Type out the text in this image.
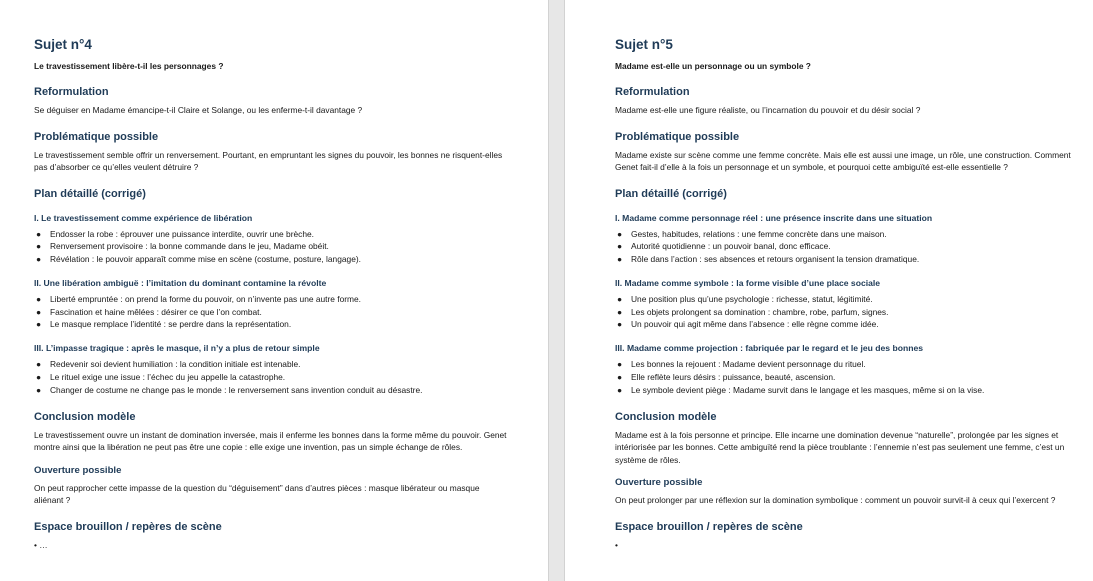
Sujet n°4
Le travestissement libère-t-il les personnages ?
Reformulation
Se déguiser en Madame émancipe-t-il Claire et Solange, ou les enferme-t-il davantage ?
Problématique possible
Le travestissement semble offrir un renversement. Pourtant, en empruntant les signes du pouvoir, les bonnes ne risquent-elles pas d’absorber ce qu’elles veulent détruire ?
Plan détaillé (corrigé)
I. Le travestissement comme expérience de libération
● Endosser la robe : éprouver une puissance interdite, ouvrir une brèche.
● Renversement provisoire : la bonne commande dans le jeu, Madame obéit.
● Révélation : le pouvoir apparaît comme mise en scène (costume, posture, langage).
II. Une libération ambiguë : l’imitation du dominant contamine la révolte
● Liberté empruntée : on prend la forme du pouvoir, on n’invente pas une autre forme.
● Fascination et haine mêlées : désirer ce que l’on combat.
● Le masque remplace l’identité : se perdre dans la représentation.
III. L’impasse tragique : après le masque, il n’y a plus de retour simple
● Redevenir soi devient humiliation : la condition initiale est intenable.
● Le rituel exige une issue : l’échec du jeu appelle la catastrophe.
● Changer de costume ne change pas le monde : le renversement sans invention conduit au désastre.
Conclusion modèle
Le travestissement ouvre un instant de domination inversée, mais il enferme les bonnes dans la forme même du pouvoir. Genet montre ainsi que la libération ne peut pas être une copie : elle exige une invention, pas un simple échange de rôles.
Ouverture possible
On peut rapprocher cette impasse de la question du “déguisement” dans d’autres pièces : masque libérateur ou masque aliénant ?
Espace brouillon / repères de scène
• …
Sujet n°5
Madame est-elle un personnage ou un symbole ?
Reformulation
Madame est-elle une figure réaliste, ou l’incarnation du pouvoir et du désir social ?
Problématique possible
Madame existe sur scène comme une femme concrète. Mais elle est aussi une image, un rôle, une construction. Comment Genet fait-il d’elle à la fois un personnage et un symbole, et pourquoi cette ambiguïté est-elle essentielle ?
Plan détaillé (corrigé)
I. Madame comme personnage réel : une présence inscrite dans une situation
● Gestes, habitudes, relations : une femme concrète dans une maison.
● Autorité quotidienne : un pouvoir banal, donc efficace.
● Rôle dans l’action : ses absences et retours organisent la tension dramatique.
II. Madame comme symbole : la forme visible d’une place sociale
● Une position plus qu’une psychologie : richesse, statut, légitimité.
● Les objets prolongent sa domination : chambre, robe, parfum, signes.
● Un pouvoir qui agit même dans l’absence : elle règne comme idée.
III. Madame comme projection : fabriquée par le regard et le jeu des bonnes
● Les bonnes la rejouent : Madame devient personnage du rituel.
● Elle reflète leurs désirs : puissance, beauté, ascension.
● Le symbole devient piège : Madame survit dans le langage et les masques, même si on la vise.
Conclusion modèle
Madame est à la fois personne et principe. Elle incarne une domination devenue “naturelle”, prolongée par les signes et intériorisée par les bonnes. Cette ambiguïté rend la pièce troublante : l’ennemie n’est pas seulement une femme, c’est un système de rôles.
Ouverture possible
On peut prolonger par une réflexion sur la domination symbolique : comment un pouvoir survit-il à ceux qui l’exercent ?
Espace brouillon / repères de scène
•
